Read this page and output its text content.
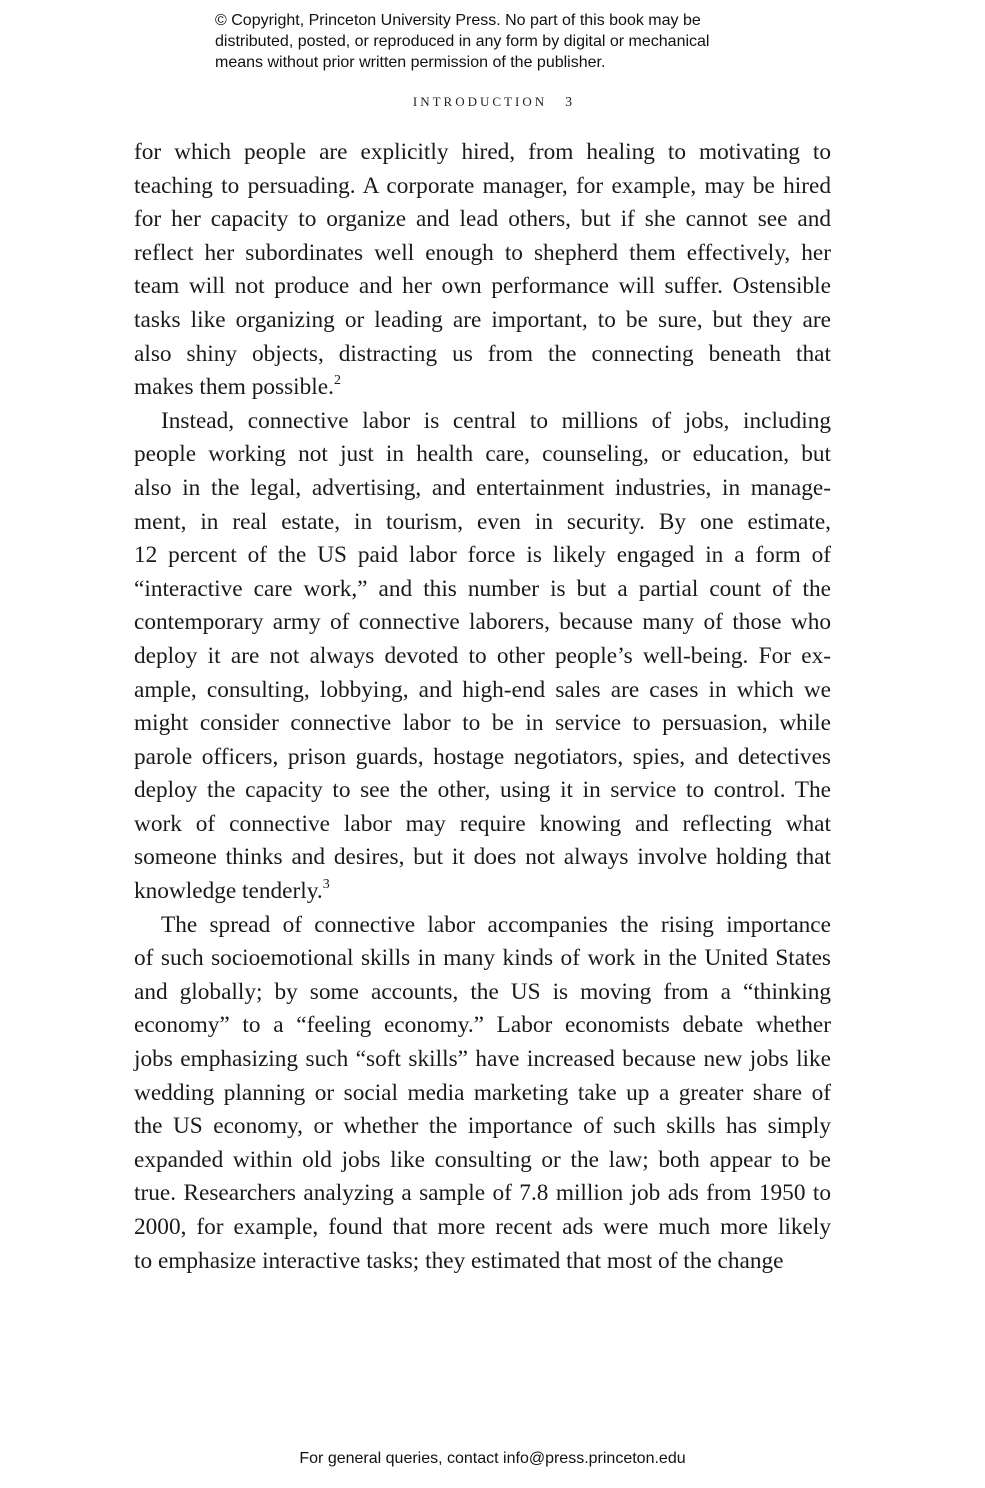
© Copyright, Princeton University Press. No part of this book may be
distributed, posted, or reproduced in any form by digital or mechanical
means without prior written permission of the publisher.
INTRODUCTION 3
for which people are explicitly hired, from healing to motivating to
teaching to persuading. A corporate manager, for example, may be hired
for her capacity to organize and lead others, but if she cannot see and
reflect her subordinates well enough to shepherd them effectively, her
team will not produce and her own performance will suffer. Ostensible
tasks like organizing or leading are important, to be sure, but they are
also shiny objects, distracting us from the connecting beneath that
makes them possible.$^2$
Instead, connective labor is central to millions of jobs, including
people working not just in health care, counseling, or education, but
also in the legal, advertising, and entertainment industries, in manage-
ment, in real estate, in tourism, even in security. By one estimate,
12 percent of the US paid labor force is likely engaged in a form of
“interactive care work,” and this number is but a partial count of the
contemporary army of connective laborers, because many of those who
deploy it are not always devoted to other people’s well-being. For ex-
ample, consulting, lobbying, and high-end sales are cases in which we
might consider connective labor to be in service to persuasion, while
parole officers, prison guards, hostage negotiators, spies, and detectives
deploy the capacity to see the other, using it in service to control. The
work of connective labor may require knowing and reflecting what
someone thinks and desires, but it does not always involve holding that
knowledge tenderly.$^3$
The spread of connective labor accompanies the rising importance
of such socioemotional skills in many kinds of work in the United States
and globally; by some accounts, the US is moving from a “thinking
economy” to a “feeling economy.” Labor economists debate whether
jobs emphasizing such “soft skills” have increased because new jobs like
wedding planning or social media marketing take up a greater share of
the US economy, or whether the importance of such skills has simply
expanded within old jobs like consulting or the law; both appear to be
true. Researchers analyzing a sample of 7.8 million job ads from 1950 to
2000, for example, found that more recent ads were much more likely
to emphasize interactive tasks; they estimated that most of the change
For general queries, contact info@press.princeton.edu
